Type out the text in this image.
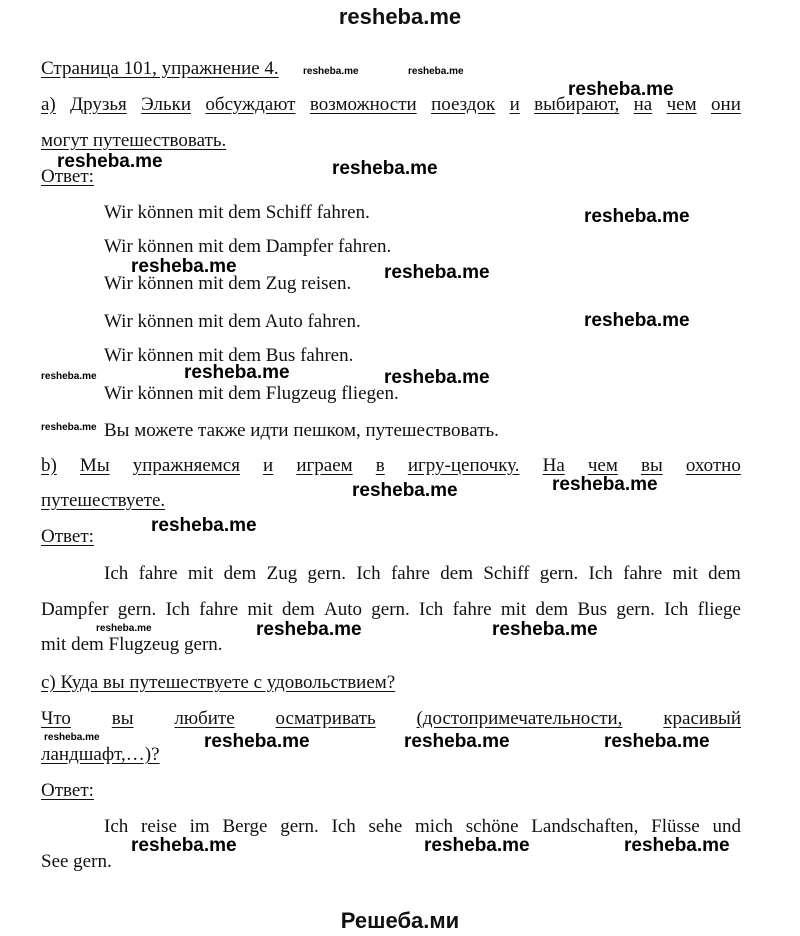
resheba.me
Решеба.ми
Страница 101, упражнение 4.
а) Друзья Эльки обсуждают возможности поездок и выбирают, на чем они
могут путешествовать.
Ответ:
Wir können mit dem Schiff fahren.
Wir können mit dem Dampfer fahren.
Wir können mit dem Zug reisen.
Wir können mit dem Auto fahren.
Wir können mit dem Bus fahren.
Wir können mit dem Flugzeug fliegen.
Вы можете также идти пешком, путешествовать.
b) Мы упражняемся и играем в игру-цепочку. На чем вы охотно
путешествуете.
Ответ:
Ich fahre mit dem Zug gern. Ich fahre dem Schiff gern. Ich fahre mit dem
Dampfer gern. Ich fahre mit dem Auto gern. Ich fahre mit dem Bus gern. Ich fliege
mit dem Flugzeug gern.
c) Куда вы путешествуете с удовольствием?
Что вы любите осматривать (достопримечательности, красивый
ландшафт,…)?
Ответ:
Ich reise im Berge gern. Ich sehe mich schöne Landschaften, Flüsse und
See gern.
resheba.me	resheba.me
resheba.me
resheba.me	resheba.me
resheba.me
resheba.me	resheba.me
resheba.me
resheba.me	resheba.me	resheba.me
resheba.me
resheba.me	resheba.me
resheba.me
resheba.me	resheba.me	resheba.me
resheba.me	resheba.me	resheba.me	resheba.me
resheba.me	resheba.me	resheba.me
